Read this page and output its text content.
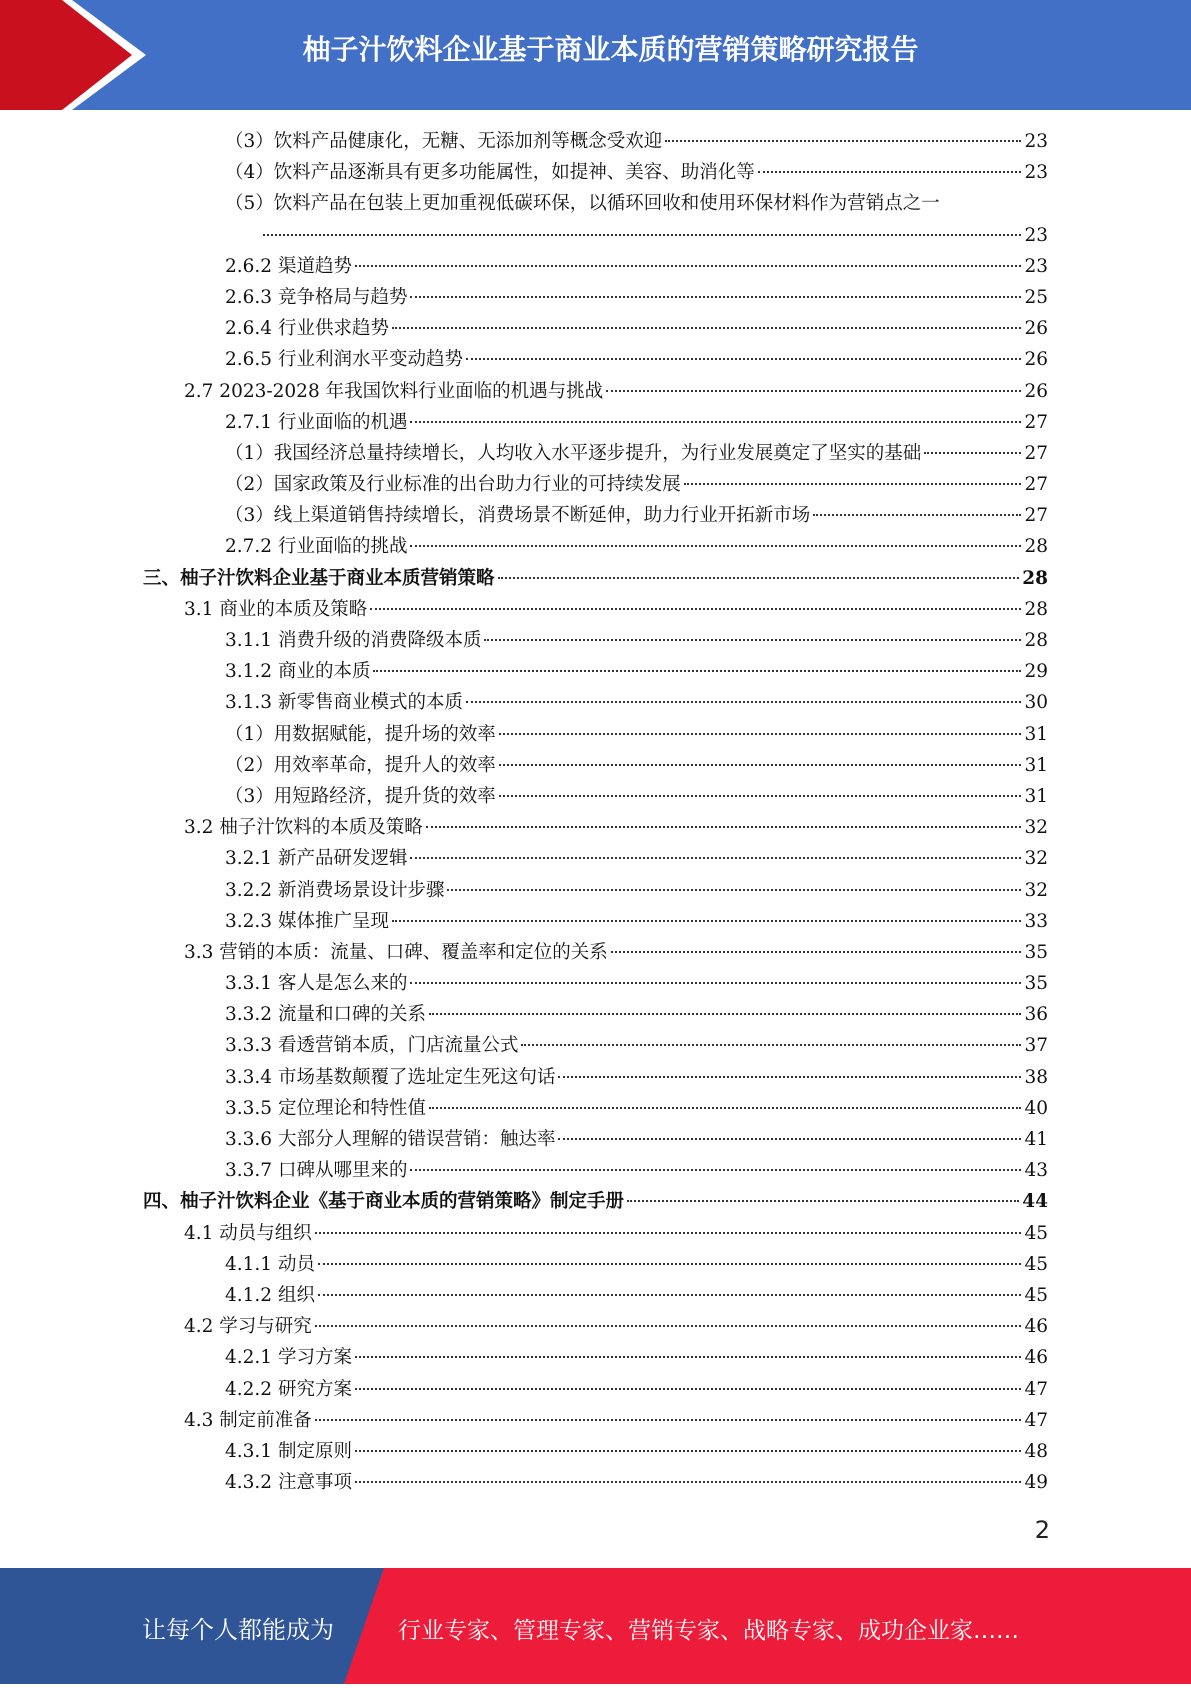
柚子汁饮料企业基于商业本质的营销策略研究报告
（3）饮料产品健康化，无糖、无添加剂等概念受欢迎	23
（4）饮料产品逐渐具有更多功能属性，如提神、美容、助消化等	23
（5）饮料产品在包装上更加重视低碳环保，以循环回收和使用环保材料作为营销点之一
23
2.6.2 渠道趋势	23
2.6.3 竞争格局与趋势	25
2.6.4 行业供求趋势	26
2.6.5 行业利润水平变动趋势	26
2.7 2023-2028 年我国饮料行业面临的机遇与挑战	26
2.7.1 行业面临的机遇	27
（1）我国经济总量持续增长，人均收入水平逐步提升，为行业发展奠定了坚实的基础	27
（2）国家政策及行业标准的出台助力行业的可持续发展	27
（3）线上渠道销售持续增长，消费场景不断延伸，助力行业开拓新市场	27
2.7.2 行业面临的挑战	28
三、柚子汁饮料企业基于商业本质营销策略	28
3.1 商业的本质及策略	28
3.1.1 消费升级的消费降级本质	28
3.1.2 商业的本质	29
3.1.3 新零售商业模式的本质	30
（1）用数据赋能，提升场的效率	31
（2）用效率革命，提升人的效率	31
（3）用短路经济，提升货的效率	31
3.2 柚子汁饮料的本质及策略	32
3.2.1 新产品研发逻辑	32
3.2.2 新消费场景设计步骤	32
3.2.3 媒体推广呈现	33
3.3 营销的本质：流量、口碑、覆盖率和定位的关系	35
3.3.1 客人是怎么来的	35
3.3.2 流量和口碑的关系	36
3.3.3 看透营销本质，门店流量公式	37
3.3.4 市场基数颠覆了选址定生死这句话	38
3.3.5 定位理论和特性值	40
3.3.6 大部分人理解的错误营销：触达率	41
3.3.7 口碑从哪里来的	43
四、柚子汁饮料企业《基于商业本质的营销策略》制定手册	44
4.1 动员与组织	45
4.1.1 动员	45
4.1.2 组织	45
4.2 学习与研究	46
4.2.1 学习方案	46
4.2.2 研究方案	47
4.3 制定前准备	47
4.3.1 制定原则	48
4.3.2 注意事项	49
2
让每个人都能成为	行业专家、管理专家、营销专家、战略专家、成功企业家……
